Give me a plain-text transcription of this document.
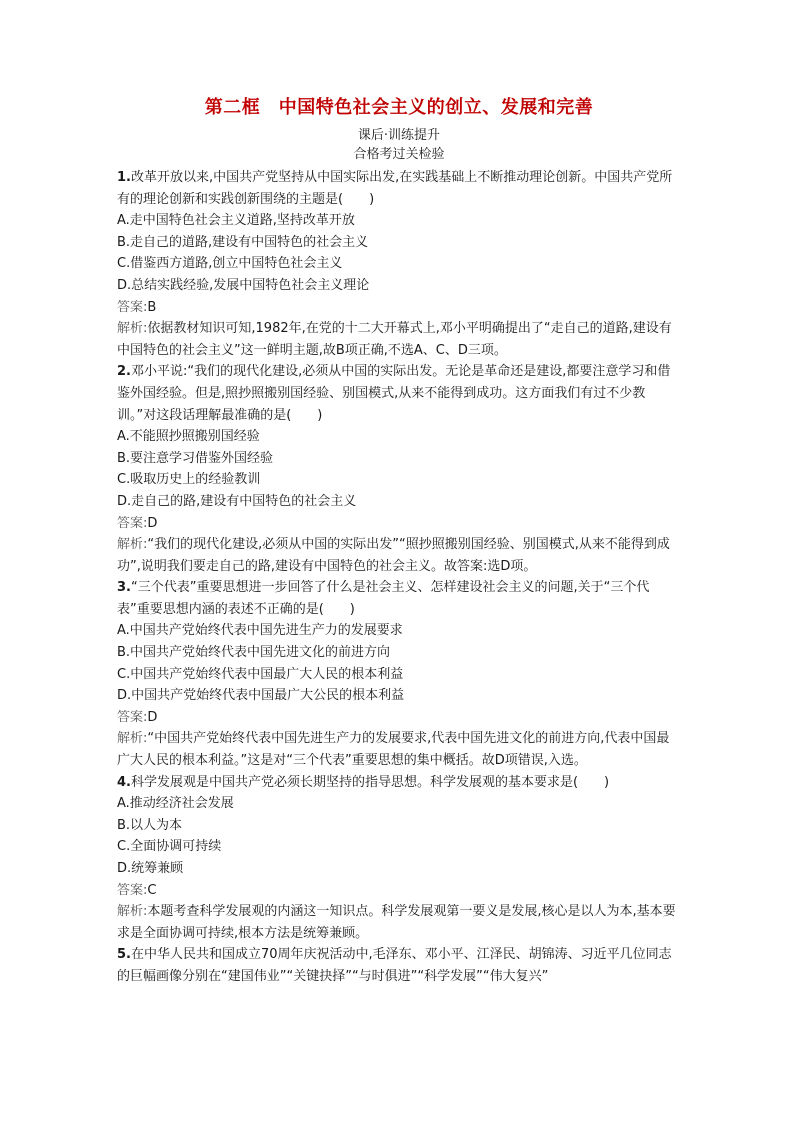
第二框　中国特色社会主义的创立、发展和完善
课后·训练提升
合格考过关检验

1.改革开放以来,中国共产党坚持从中国实际出发,在实践基础上不断推动理论创新。中国共产党所有的理论创新和实践创新围绕的主题是(　　)

A.走中国特色社会主义道路,坚持改革开放

B.走自己的道路,建设有中国特色的社会主义

C.借鉴西方道路,创立中国特色社会主义

D.总结实践经验,发展中国特色社会主义理论

答案:B

解析:依据教材知识可知,1982年,在党的十二大开幕式上,邓小平明确提出了“走自己的道路,建设有中国特色的社会主义”这一鲜明主题,故B项正确,不选A、C、D三项。

2.邓小平说:“我们的现代化建设,必须从中国的实际出发。无论是革命还是建设,都要注意学习和借鉴外国经验。但是,照抄照搬别国经验、别国模式,从来不能得到成功。这方面我们有过不少教训。”对这段话理解最准确的是(　　)

A.不能照抄照搬别国经验

B.要注意学习借鉴外国经验

C.吸取历史上的经验教训

D.走自己的路,建设有中国特色的社会主义

答案:D

解析:“我们的现代化建设,必须从中国的实际出发”“照抄照搬别国经验、别国模式,从来不能得到成功”,说明我们要走自己的路,建设有中国特色的社会主义。故答案:选D项。

3.“三个代表”重要思想进一步回答了什么是社会主义、怎样建设社会主义的问题,关于“三个代表”重要思想内涵的表述不正确的是(　　)

A.中国共产党始终代表中国先进生产力的发展要求

B.中国共产党始终代表中国先进文化的前进方向

C.中国共产党始终代表中国最广大人民的根本利益

D.中国共产党始终代表中国最广大公民的根本利益

答案:D

解析:“中国共产党始终代表中国先进生产力的发展要求,代表中国先进文化的前进方向,代表中国最广大人民的根本利益。”这是对“三个代表”重要思想的集中概括。故D项错误,入选。

4.科学发展观是中国共产党必须长期坚持的指导思想。科学发展观的基本要求是(　　)

A.推动经济社会发展

B.以人为本

C.全面协调可持续

D.统筹兼顾

答案:C

解析:本题考查科学发展观的内涵这一知识点。科学发展观第一要义是发展,核心是以人为本,基本要求是全面协调可持续,根本方法是统筹兼顾。

5.在中华人民共和国成立70周年庆祝活动中,毛泽东、邓小平、江泽民、胡锦涛、习近平几位同志的巨幅画像分别在“建国伟业”“关键抉择”“与时俱进”“科学发展”“伟大复兴”
